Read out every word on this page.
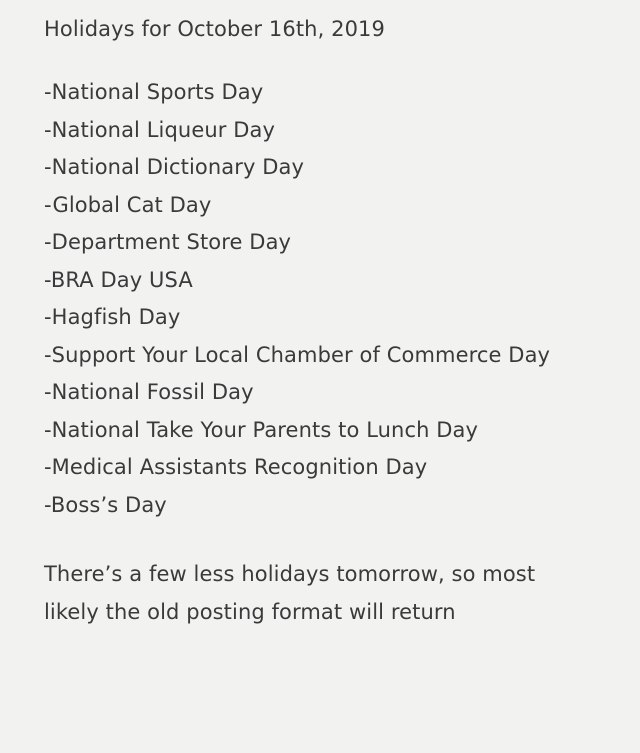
Holidays for October 16th, 2019
-National Sports Day
-National Liqueur Day
-National Dictionary Day
-Global Cat Day
-Department Store Day
-BRA Day USA
-Hagfish Day
-Support Your Local Chamber of Commerce Day
-National Fossil Day
-National Take Your Parents to Lunch Day
-Medical Assistants Recognition Day
-Boss’s Day
There’s a few less holidays tomorrow, so most likely the old posting format will return
